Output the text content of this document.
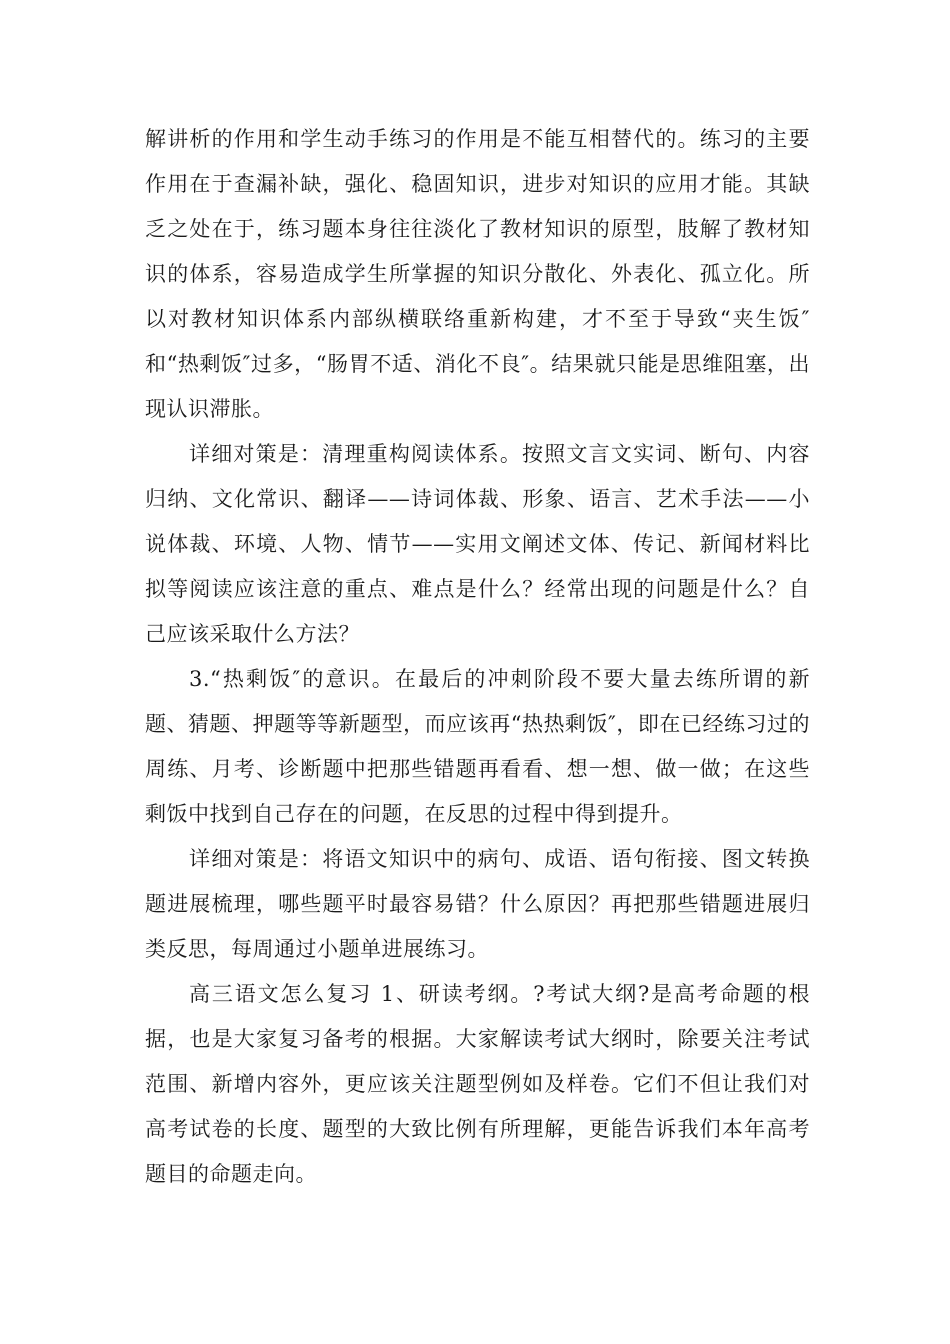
解讲析的作用和学生动手练习的作用是不能互相替代的。练习的主要作用在于查漏补缺，强化、稳固知识，进步对知识的应用才能。其缺乏之处在于，练习题本身往往淡化了教材知识的原型，肢解了教材知识的体系，容易造成学生所掌握的知识分散化、外表化、孤立化。所以对教材知识体系内部纵横联络重新构建，才不至于导致“夹生饭″和“热剩饭″过多，“肠胃不适、消化不良″。结果就只能是思维阻塞，出现认识滞胀。

详细对策是：清理重构阅读体系。按照文言文实词、断句、内容归纳、文化常识、翻译——诗词体裁、形象、语言、艺术手法——小说体裁、环境、人物、情节——实用文阐述文体、传记、新闻材料比拟等阅读应该注意的重点、难点是什么？经常出现的问题是什么？自己应该采取什么方法？

3.“热剩饭″的意识。在最后的冲刺阶段不要大量去练所谓的新题、猜题、押题等等新题型，而应该再“热热剩饭″，即在已经练习过的周练、月考、诊断题中把那些错题再看看、想一想、做一做；在这些剩饭中找到自己存在的问题，在反思的过程中得到提升。

详细对策是：将语文知识中的病句、成语、语句衔接、图文转换题进展梳理，哪些题平时最容易错？什么原因？再把那些错题进展归类反思，每周通过小题单进展练习。

高三语文怎么复习 1、研读考纲。?考试大纲?是高考命题的根据，也是大家复习备考的根据。大家解读考试大纲时，除要关注考试范围、新增内容外，更应该关注题型例如及样卷。它们不但让我们对高考试卷的长度、题型的大致比例有所理解，更能告诉我们本年高考题目的命题走向。
